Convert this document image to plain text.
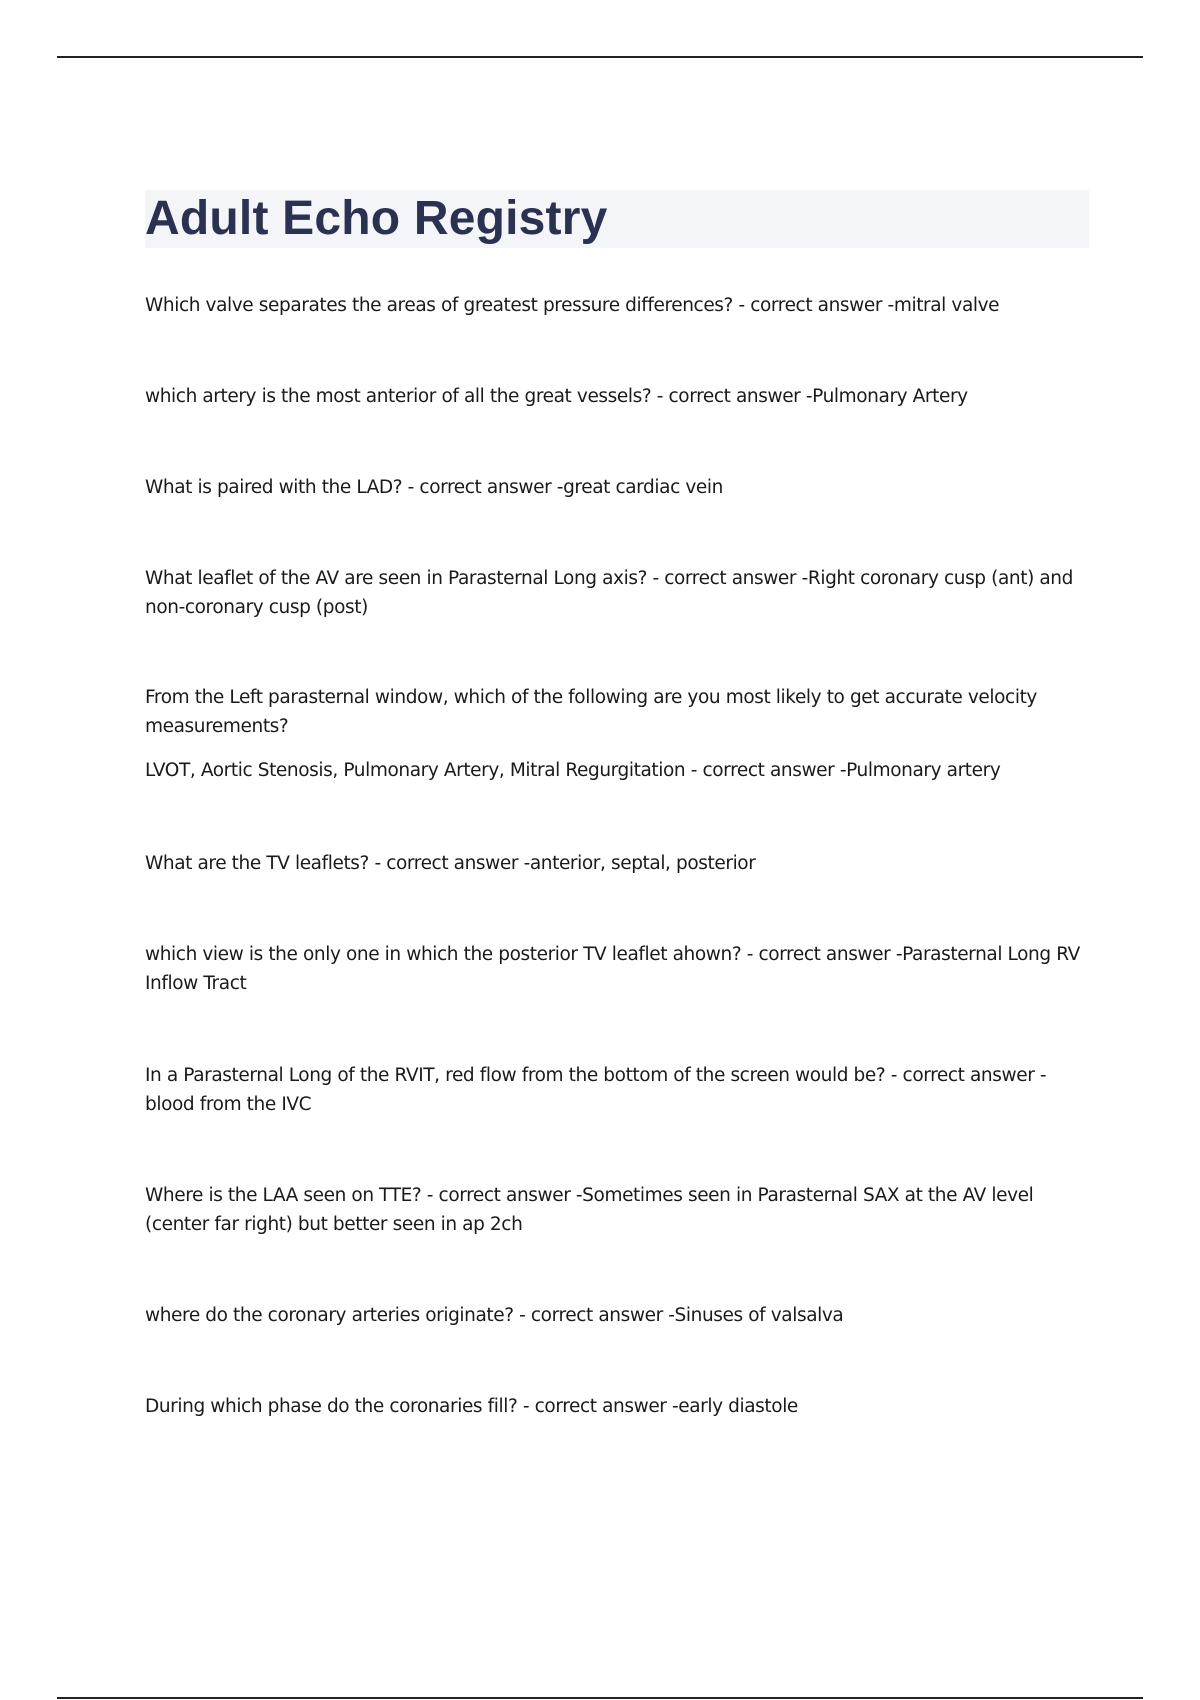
Adult Echo Registry

Which valve separates the areas of greatest pressure differences? - correct answer -mitral valve

which artery is the most anterior of all the great vessels? - correct answer -Pulmonary Artery

What is paired with the LAD? - correct answer -great cardiac vein

What leaflet of the AV are seen in Parasternal Long axis? - correct answer -Right coronary cusp (ant) and non-coronary cusp (post)

From the Left parasternal window, which of the following are you most likely to get accurate velocity measurements?

LVOT, Aortic Stenosis, Pulmonary Artery, Mitral Regurgitation - correct answer -Pulmonary artery

What are the TV leaflets? - correct answer -anterior, septal, posterior

which view is the only one in which the posterior TV leaflet ahown? - correct answer -Parasternal Long RV Inflow Tract

In a Parasternal Long of the RVIT, red flow from the bottom of the screen would be? - correct answer -blood from the IVC

Where is the LAA seen on TTE? - correct answer -Sometimes seen in Parasternal SAX at the AV level (center far right) but better seen in ap 2ch

where do the coronary arteries originate? - correct answer -Sinuses of valsalva

During which phase do the coronaries fill? - correct answer -early diastole
